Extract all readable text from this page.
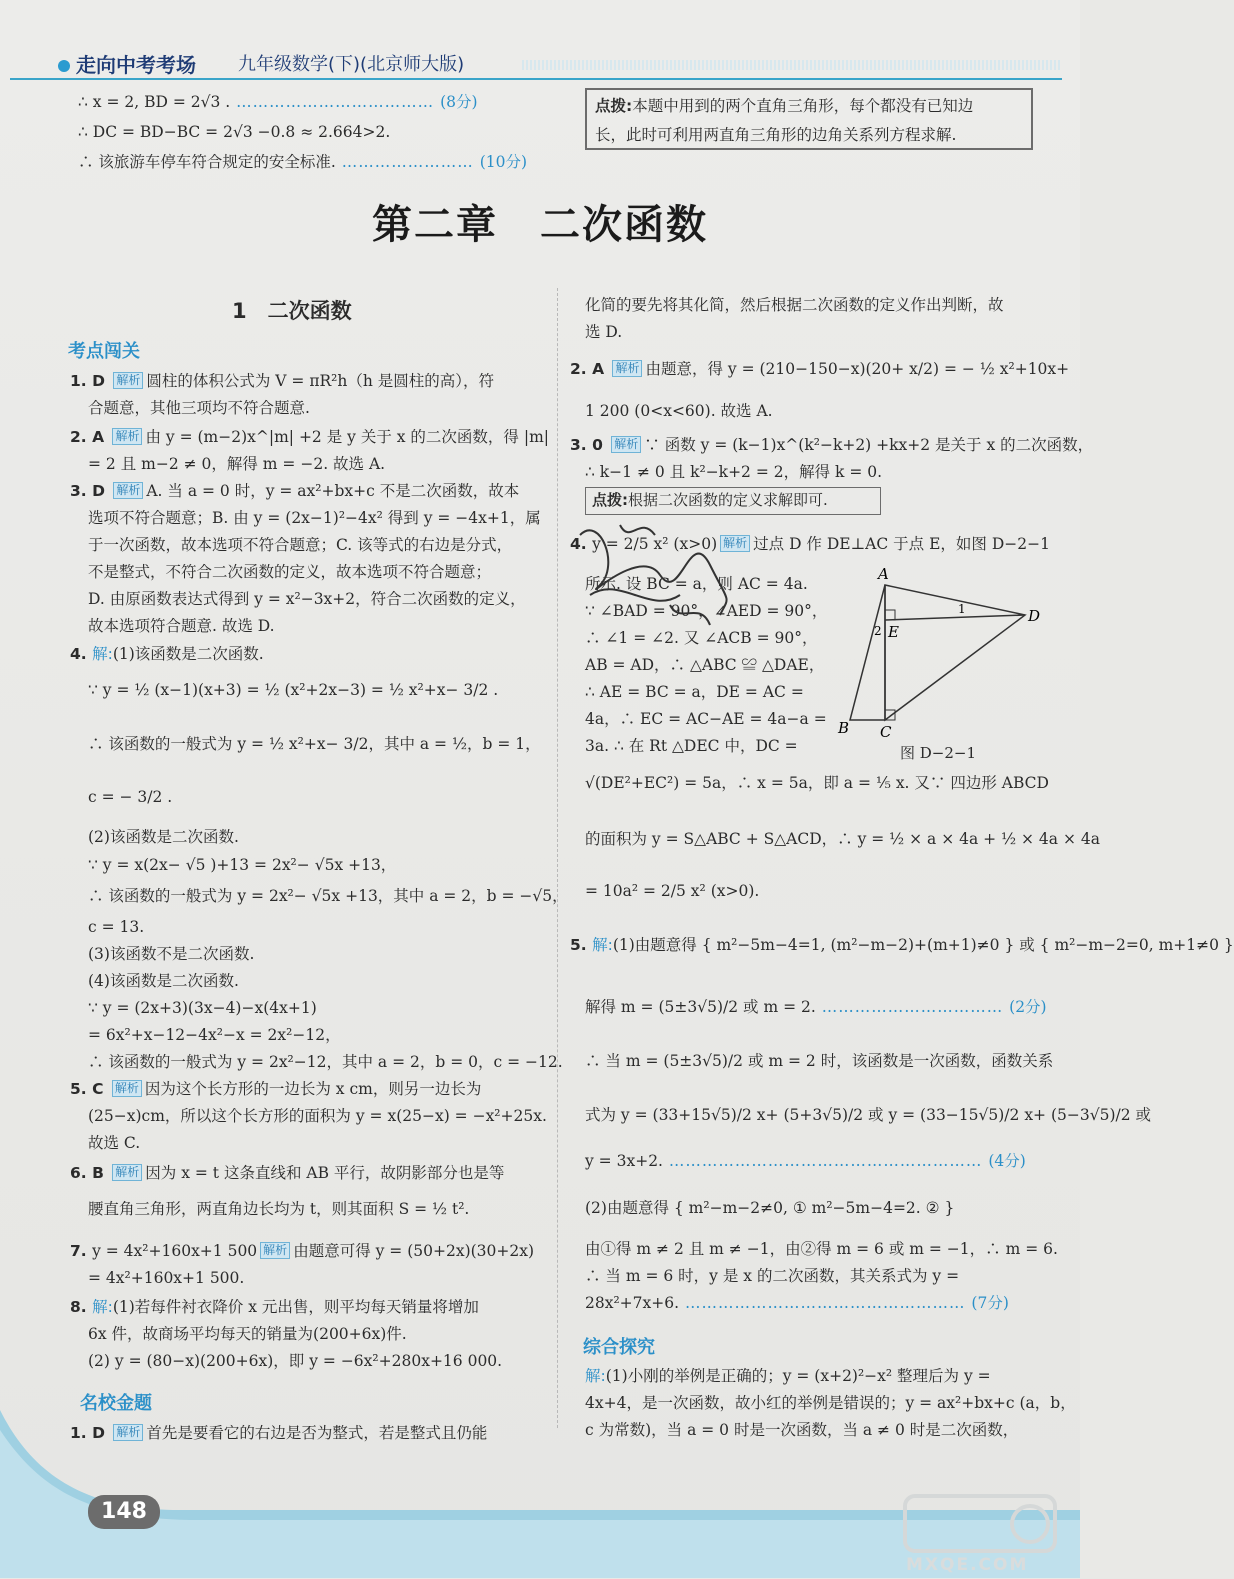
走向中考考场 九年级数学(下)(北京师大版)
∴ x = 2, BD = 2√3 . ……………………………… (8分)
∴ DC = BD−BC = 2√3 −0.8 ≈ 2.664>2.
∴ 该旅游车停车符合规定的安全标准. …………………… (10分)
点拨:本题中用到的两个直角三角形，每个都没有已知边
长，此时可利用两直角三角形的边角关系列方程求解.
第二章　二次函数
1　二次函数
考点闯关
名校金题
综合探究
1. D 解析 圆柱的体积公式为 V = πR²h（h 是圆柱的高），符
合题意，其他三项均不符合题意.
2. A 解析 由 y = (m−2)x^|m| +2 是 y 关于 x 的二次函数，得 |m|
= 2 且 m−2 ≠ 0，解得 m = −2. 故选 A.
3. D 解析 A. 当 a = 0 时，y = ax²+bx+c 不是二次函数，故本
选项不符合题意；B. 由 y = (2x−1)²−4x² 得到 y = −4x+1，属
于一次函数，故本选项不符合题意；C. 该等式的右边是分式，
不是整式，不符合二次函数的定义，故本选项不符合题意；
D. 由原函数表达式得到 y = x²−3x+2，符合二次函数的定义，
故本选项符合题意. 故选 D.
4. 解:(1)该函数是二次函数.
∵ y = ½ (x−1)(x+3) = ½ (x²+2x−3) = ½ x²+x− 3/2 .
∴ 该函数的一般式为 y = ½ x²+x− 3/2，其中 a = ½，b = 1，
c = − 3/2 .
(2)该函数是二次函数.
∵ y = x(2x− √5 )+13 = 2x²− √5x +13，
∴ 该函数的一般式为 y = 2x²− √5x +13，其中 a = 2，b = −√5，
c = 13.
(3)该函数不是二次函数.
(4)该函数是二次函数.
∵ y = (2x+3)(3x−4)−x(4x+1)
= 6x²+x−12−4x²−x = 2x²−12，
∴ 该函数的一般式为 y = 2x²−12，其中 a = 2，b = 0，c = −12.
5. C 解析 因为这个长方形的一边长为 x cm，则另一边长为
(25−x)cm，所以这个长方形的面积为 y = x(25−x) = −x²+25x.
故选 C.
6. B 解析 因为 x = t 这条直线和 AB 平行，故阴影部分也是等
腰直角三角形，两直角边长均为 t，则其面积 S = ½ t².
7. y = 4x²+160x+1 500 解析 由题意可得 y = (50+2x)(30+2x)
= 4x²+160x+1 500.
8. 解:(1)若每件衬衣降价 x 元出售，则平均每天销量将增加
6x 件，故商场平均每天的销量为(200+6x)件.
(2) y = (80−x)(200+6x)，即 y = −6x²+280x+16 000.
1. D 解析 首先是要看它的右边是否为整式，若是整式且仍能
化简的要先将其化简，然后根据二次函数的定义作出判断，故
选 D.
2. A 解析 由题意，得 y = (210−150−x)(20+ x/2) = − ½ x²+10x+
1 200 (0<x<60). 故选 A.
3. 0 解析 ∵ 函数 y = (k−1)x^(k²−k+2) +kx+2 是关于 x 的二次函数，
∴ k−1 ≠ 0 且 k²−k+2 = 2，解得 k = 0.
4. y = 2/5 x² (x>0) 解析 过点 D 作 DE⊥AC 于点 E，如图 D−2−1
所示. 设 BC = a，则 AC = 4a.
∵ ∠BAD = 90°，∠AED = 90°，
∴ ∠1 = ∠2. 又 ∠ACB = 90°，
AB = AD，∴ △ABC ≌ △DAE，
∴ AE = BC = a，DE = AC =
4a，∴ EC = AC−AE = 4a−a =
3a. ∴ 在 Rt △DEC 中，DC =
√(DE²+EC²) = 5a，∴ x = 5a，即 a = ⅕ x. 又∵ 四边形 ABCD
的面积为 y = S△ABC + S△ACD，∴ y = ½ × a × 4a + ½ × 4a × 4a
= 10a² = 2/5 x² (x>0).
5. 解:(1)由题意得 { m²−5m−4=1, (m²−m−2)+(m+1)≠0 } 或 { m²−m−2=0, m+1≠0 }
解得 m = (5±3√5)/2 或 m = 2. …………………………… (2分)
∴ 当 m = (5±3√5)/2 或 m = 2 时，该函数是一次函数，函数关系
式为 y = (33+15√5)/2 x+ (5+3√5)/2 或 y = (33−15√5)/2 x+ (5−3√5)/2 或
y = 3x+2. ………………………………………………… (4分)
(2)由题意得 { m²−m−2≠0, ① m²−5m−4=2. ② }
由①得 m ≠ 2 且 m ≠ −1，由②得 m = 6 或 m = −1，∴ m = 6.
∴ 当 m = 6 时，y 是 x 的二次函数，其关系式为 y =
28x²+7x+6. …………………………………………… (7分)
解:(1)小刚的举例是正确的；y = (x+2)²−x² 整理后为 y =
4x+4，是一次函数，故小红的举例是错误的；y = ax²+bx+c (a，b，
c 为常数)，当 a = 0 时是一次函数，当 a ≠ 0 时是二次函数，
点拨:根据二次函数的定义求解即可.
A
B C
D
E
1
2
图 D−2−1
148
MXQE.COM
